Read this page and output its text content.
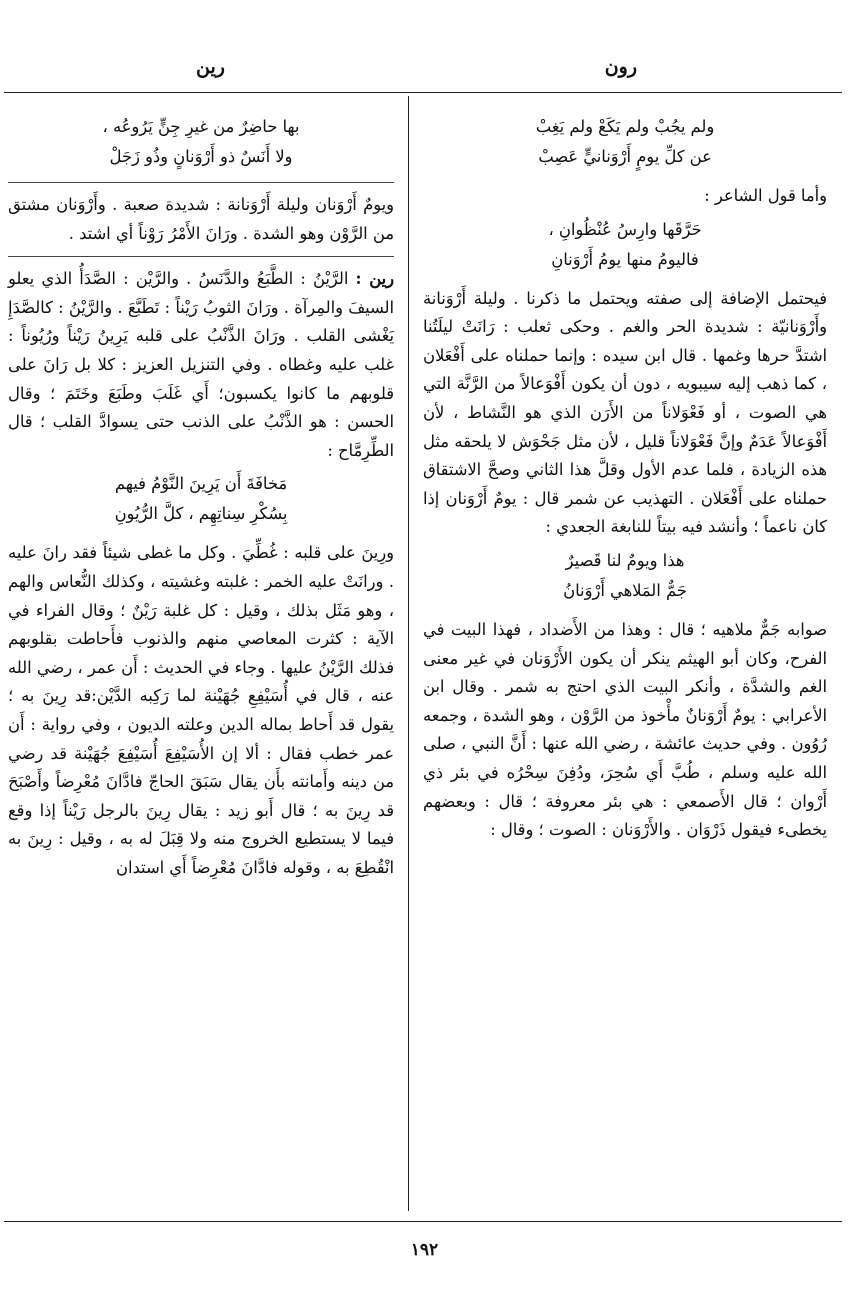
رون
رين
ولم يجُبْ ولم يَكَعْ ولم يَغِبْ
عن كلِّ يومٍ أَرْوَنانيٍّ عَصِبْ

وأما قول الشاعر :

حَرَّقَها وارِسُ عُنْظُوانِ ،
فاليومُ منها يومُ أَرْوَنانِ

فيحتمل الإضافة إلى صفته ويحتمل ما ذكرنا . وليلة أَرْوَنانة وأَرْوَنانيّة : شديدة الحر والغم . وحكى ثعلب : رَانَتْ ليلَتُنا اشتدَّ حرها وغمها . قال ابن سيده : وإنما حملناه على أَفْعَلان ، كما ذهب إليه سيبويه ، دون أن يكون أَفْوَعالاً من الرَّنَّة التي هي الصوت ، أو فَعْوَلاناً من الأَرَن الذي هو النَّشاط ، لأن أَفْوَعالاً عَدَمٌ وإنَّ فَعْوَلاناً قليل ، لأن مثل جَحْوَش لا يلحقه مثل هذه الزيادة ، فلما عدم الأول وقلَّ هذا الثاني وصحَّ الاشتقاق حملناه على أَفْعَلان . التهذيب عن شمر قال : يومٌ أَرْوَنان إذا كان ناعماً ؛ وأنشد فيه بيتاً للنابغة الجعدي :

هذا ويومٌ لنا قَصيرٌ
جَمٌّ المَلاهي أَرْوَنانُ

صوابه جَمٌّ ملاهيه ؛ قال : وهذا من الأَضداد ، فهذا البيت في الفرح، وكان أبو الهيثم ينكر أن يكون الأَرْوَنان في غير معنى الغم والشدَّة ، وأنكر البيت الذي احتج به شمر . وقال ابن الأعرابي : يومٌ أَرْوَنانٌ مأْخوذ من الرَّوْن ، وهو الشدة ، وجمعه رُوُون . وفي حديث عائشة ، رضي الله عنها : أَنَّ النبي ، صلى الله عليه وسلم ، طُبَّ أَي سُحِرَ، ودُفِنَ سِحْرُه في بئر ذي أَرْوان ؛ قال الأَصمعي : هي بئر معروفة ؛ قال : وبعضهم يخطىء فيقول ذَرْوَان . والأَرْوَنان : الصوت ؛ وقال :

بها حاضِرٌ من غيرِ جِنٍّ يَرُوعُه ،
ولا أَنَسٌ ذو أَرْوَنانٍ وذُو زَجَلْ

ويومٌ أَرْوَنان وليلة أَرْوَنانة : شديدة صعبة . وأَرْوَنان مشتق من الرَّوْن وهو الشدة . ورَانَ الأَمْرُ رَوْناً أي اشتد .

رين : الرَّيْنُ : الطَّبَعُ والدَّنَسُ . والرَّيْن : الصَّدَأُ الذي يعلو السيفَ والمِرآة . ورَانَ الثوبُ رَيْناً : تَطَبَّعَ . والرَّيْنُ : كالصَّدَإِ يَغْشى القلب . ورَانَ الذَّنْبُ على قلبه يَرِينُ رَيْناً ورُيُوناً : غلب عليه وغطاه . وفي التنزيل العزيز : كلا بل رَانَ على قلوبهم ما كانوا يكسبون؛ أَي غَلَبَ وطَبَعَ وخَتَمَ ؛ وقال الحسن : هو الذَّنْبُ على الذنب حتى يسوادَّ القلب ؛ قال الطِّرِمَّاح :

مَخافَةَ أَن يَرِينَ النَّوْمُ فيهم
بِسُكْرِ سِناتِهِم ، كلَّ الرُّيُونِ

ورِينَ على قلبه : غُطِّيَ . وكل ما غطى شيئاً فقد رانَ عليه . ورانَتْ عليه الخمر : غلبته وغشيته ، وكذلك النُّعاس والهم ، وهو مَثَل بذلك ، وقيل : كل غلبة رَيْنٌ ؛ وقال الفراء في الآية : كثرت المعاصي منهم والذنوب فأَحاطت بقلوبهم فذلك الرَّيْنُ عليها . وجاء في الحديث : أَن عمر ، رضي الله عنه ، قال في أُسَيْفِعِ جُهَيْنة لما رَكِبه الدَّيْن:قد رِينَ به ؛ يقول قد أَحاط بماله الدين وعلته الديون ، وفي رواية : أَن عمر خطب فقال : ألا إن الأُسَيْفِعَ أُسَيْفِعَ جُهَيْنة قد رضي من دينه وأَمانته بأَن يقال سَبَقَ الحاجّ فادَّانَ مُعْرِضاً وأَصْبَحَ قد رِينَ به ؛ قال أَبو زيد : يقال رِينَ بالرجل رَيْناً إذا وقع فيما لا يستطيع الخروج منه ولا قِبَلَ له به ، وقيل : رِينَ به انْقُطِعَ به ، وقوله فادَّانَ مُعْرِضاً أَي استدان

١٩٢
